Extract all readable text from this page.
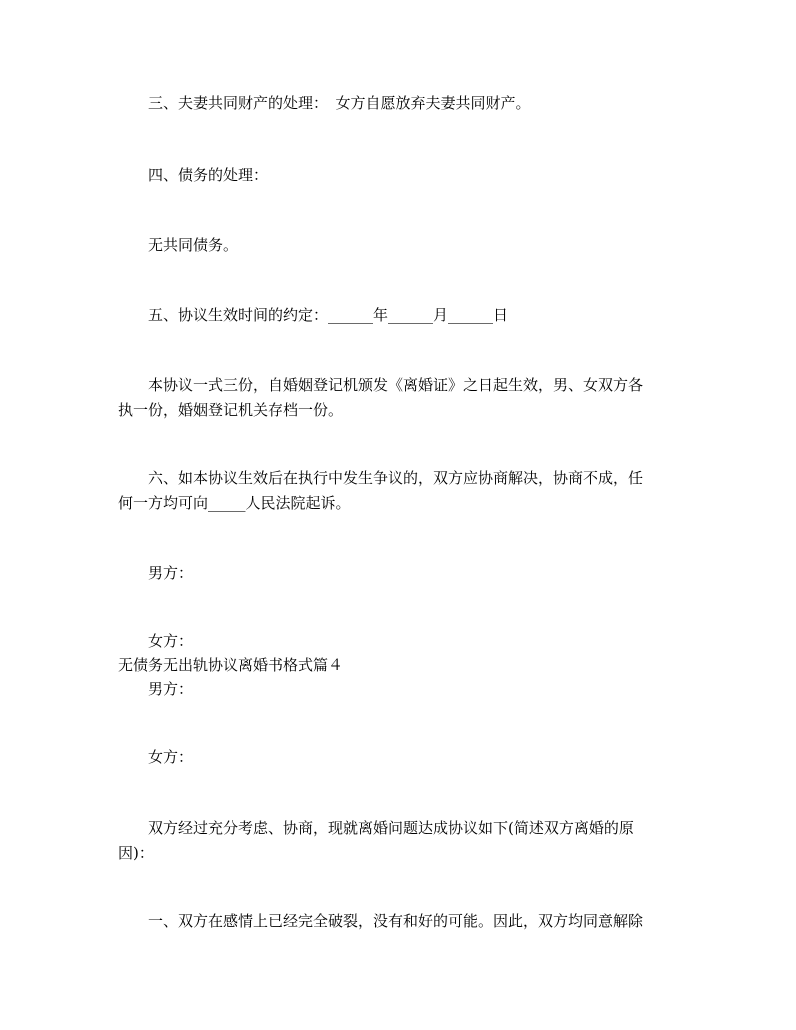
三、夫妻共同财产的处理：　女方自愿放弃夫妻共同财产。
四、债务的处理：
无共同债务。
五、协议生效时间的约定：______年______月______日
本协议一式三份，自婚姻登记机颁发《离婚证》之日起生效，男、女双方各
执一份，婚姻登记机关存档一份。
六、如本协议生效后在执行中发生争议的，双方应协商解决，协商不成，任
何一方均可向_____人民法院起诉。
男方：
女方：
无债务无出轨协议离婚书格式篇４
男方：
女方：
双方经过充分考虑、协商，现就离婚问题达成协议如下(简述双方离婚的原
因)：
一、双方在感情上已经完全破裂，没有和好的可能。因此，双方均同意解除
